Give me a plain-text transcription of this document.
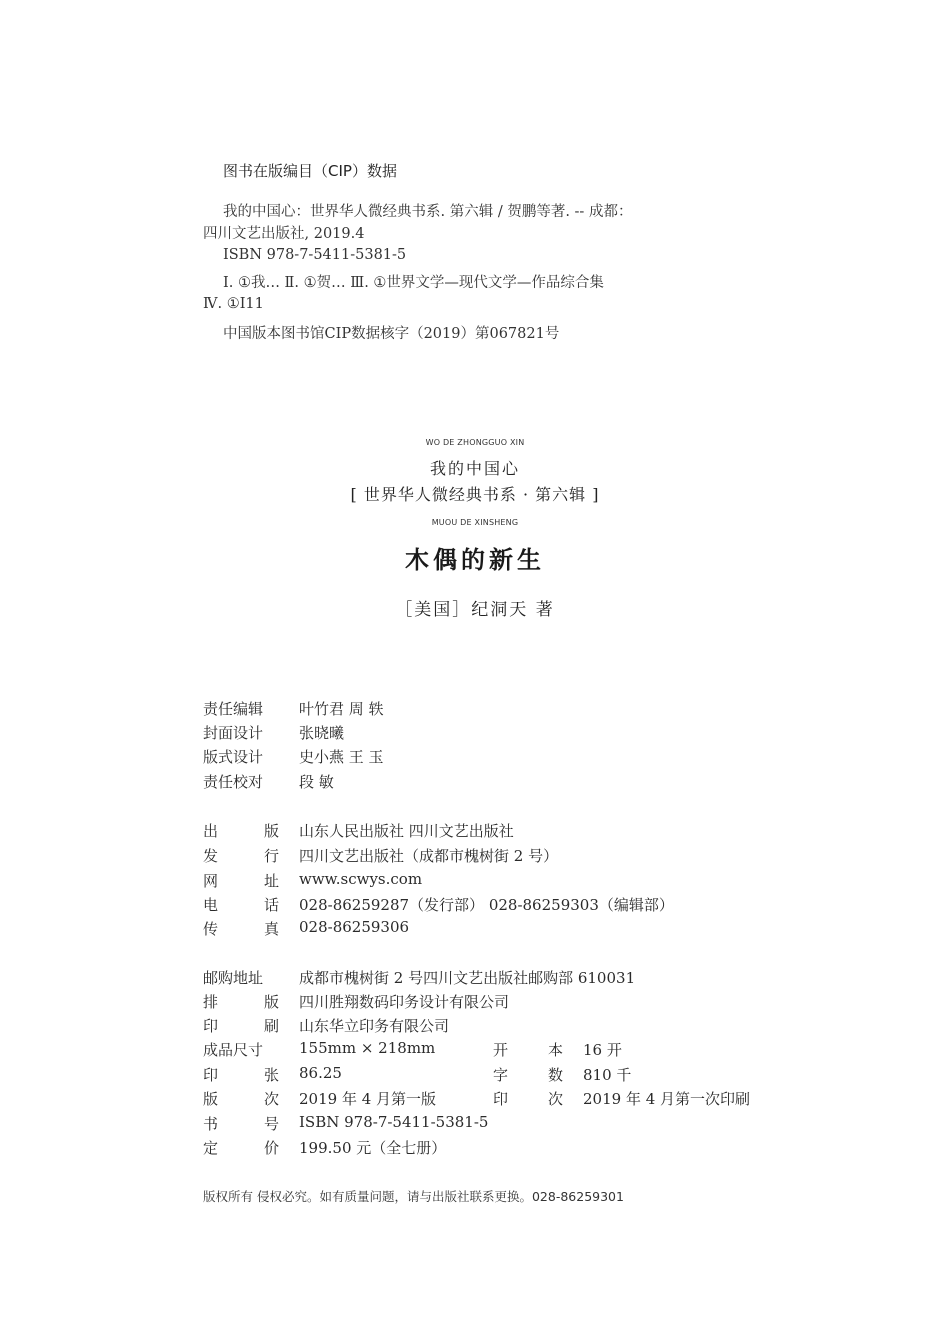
图书在版编目（CIP）数据
我的中国心：世界华人微经典书系. 第六辑 / 贺鹏等著. -- 成都：
四川文艺出版社, 2019.4
ISBN 978-7-5411-5381-5
Ⅰ. ①我… Ⅱ. ①贺… Ⅲ. ①世界文学—现代文学—作品综合集
Ⅳ. ①I11
中国版本图书馆CIP数据核字（2019）第067821号
WO DE ZHONGGUO XIN
我的中国心
[ 世界华人微经典书系 · 第六辑 ]
MUOU DE XINSHENG
木偶的新生
［美国］纪洞天 著
责任编辑	叶竹君 周 轶
封面设计	张晓曦
版式设计	史小燕 王 玉
责任校对	段 敏
出	版 山东人民出版社 四川文艺出版社
发	行 四川文艺出版社（成都市槐树街 2 号）
网	址 www.scwys.com
电	话 028-86259287（发行部） 028-86259303（编辑部）
传	真 028-86259306
邮购地址	成都市槐树街 2 号四川文艺出版社邮购部 610031
排	版 四川胜翔数码印务设计有限公司
印	刷 山东华立印务有限公司
成品尺寸	155mm × 218mm	开	本 16 开
印	张 86.25	字	数 810 千
版	次 2019 年 4 月第一版	印	次 2019 年 4 月第一次印刷
书	号 ISBN 978-7-5411-5381-5
定	价 199.50 元（全七册）
版权所有 侵权必究。如有质量问题，请与出版社联系更换。028-86259301
